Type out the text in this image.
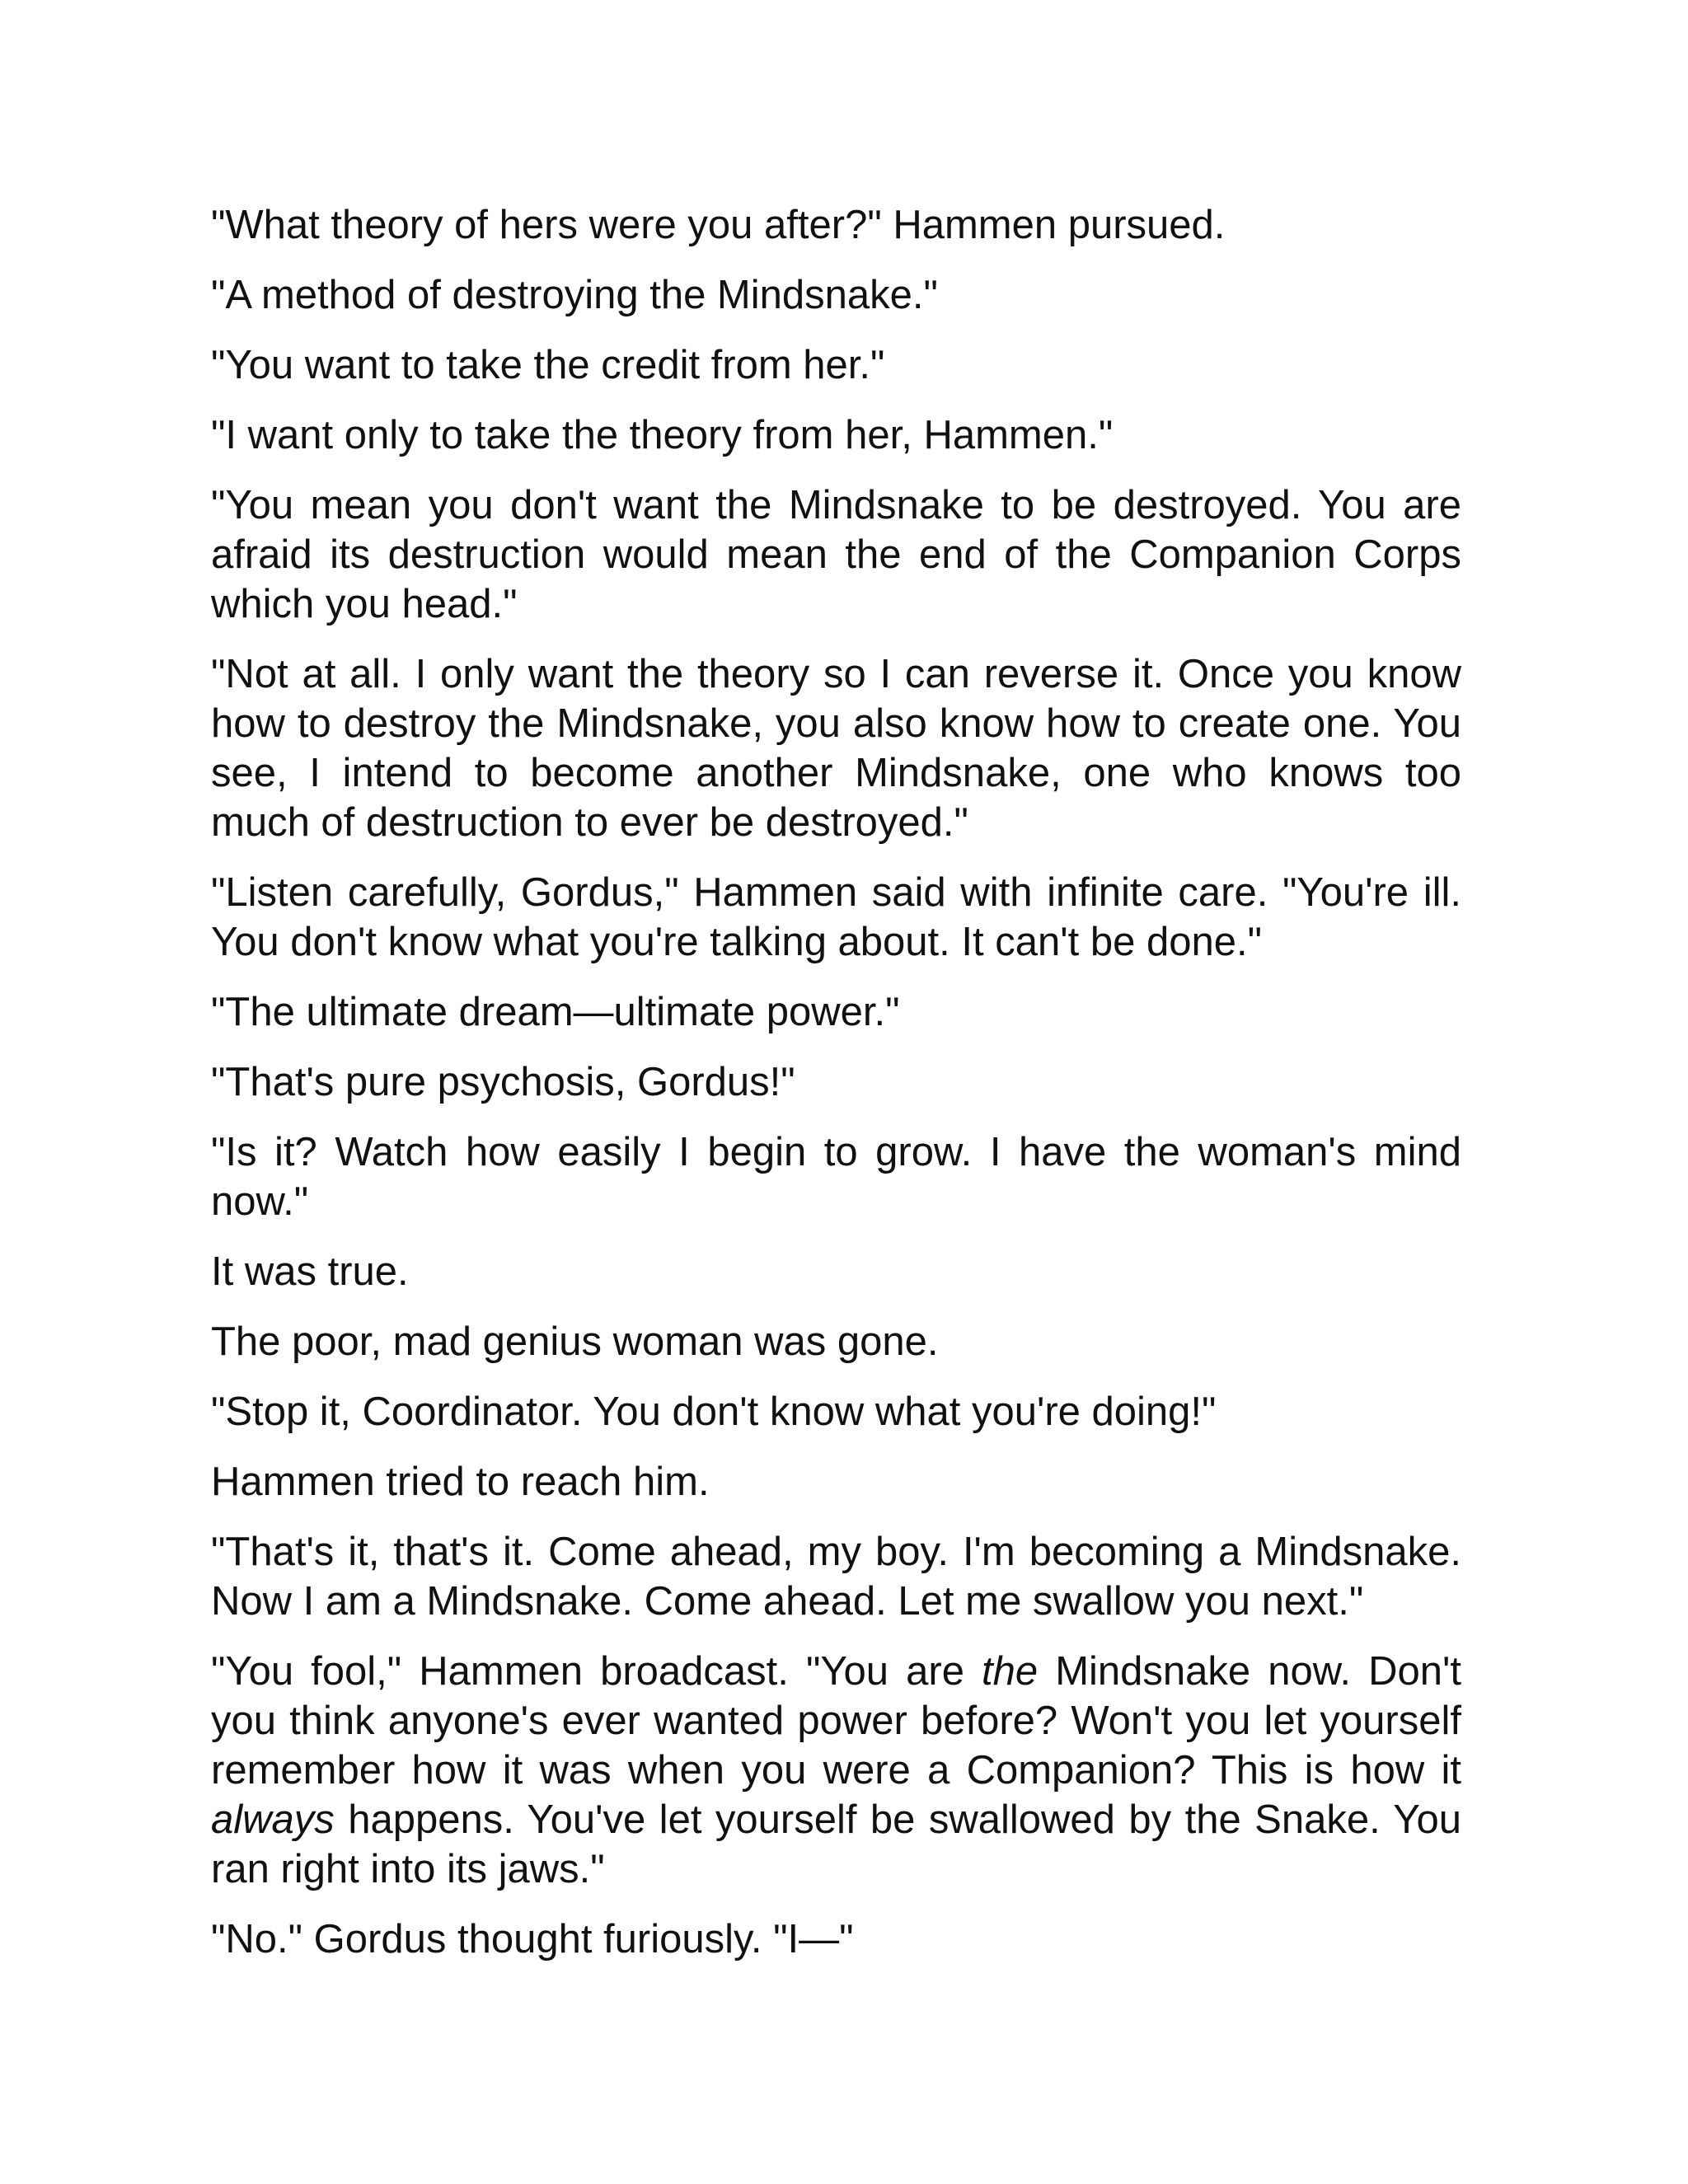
"What theory of hers were you after?" Hammen pursued.

"A method of destroying the Mindsnake."

"You want to take the credit from her."

"I want only to take the theory from her, Hammen."

"You mean you don't want the Mindsnake to be destroyed. You are afraid its destruction would mean the end of the Companion Corps which you head."

"Not at all. I only want the theory so I can reverse it. Once you know how to destroy the Mindsnake, you also know how to create one. You see, I intend to become another Mindsnake, one who knows too much of destruction to ever be destroyed."

"Listen carefully, Gordus," Hammen said with infinite care. "You're ill. You don't know what you're talking about. It can't be done."

"The ultimate dream—ultimate power."

"That's pure psychosis, Gordus!"

"Is it? Watch how easily I begin to grow. I have the woman's mind now."

It was true.

The poor, mad genius woman was gone.

"Stop it, Coordinator. You don't know what you're doing!"

Hammen tried to reach him.

"That's it, that's it. Come ahead, my boy. I'm becoming a Mindsnake. Now I am a Mindsnake. Come ahead. Let me swallow you next."

"You fool," Hammen broadcast. "You are the Mindsnake now. Don't you think anyone's ever wanted power before? Won't you let yourself remember how it was when you were a Companion? This is how it always happens. You've let yourself be swallowed by the Snake. You ran right into its jaws."

"No." Gordus thought furiously. "I—"
